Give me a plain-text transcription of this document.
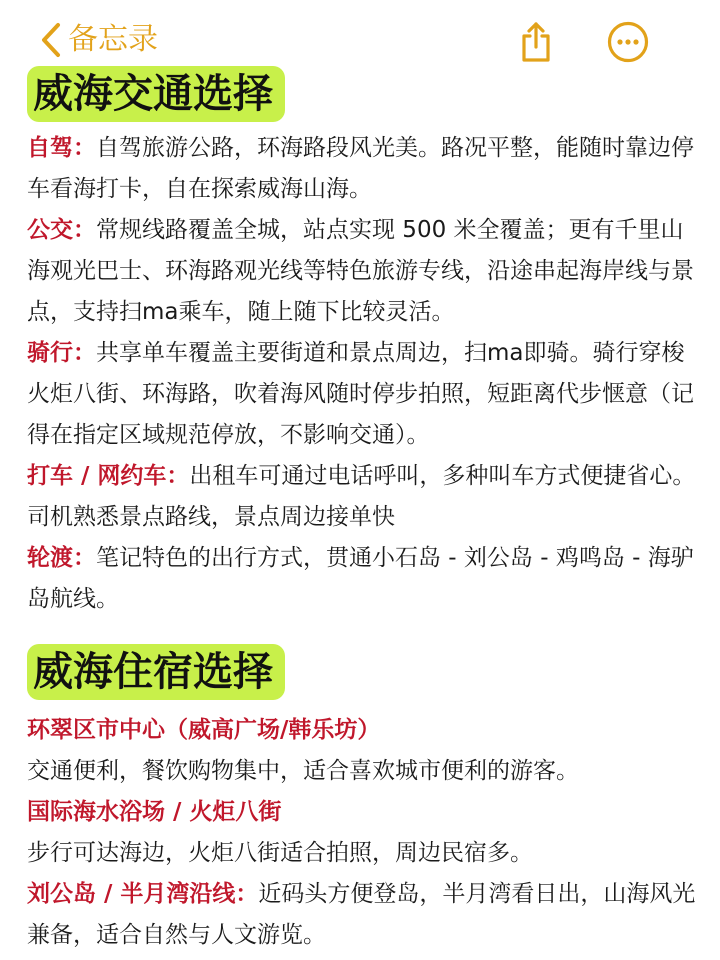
备忘录
威海交通选择

自驾：自驾旅游公路，环海路段风光美。路况平整，能随时靠边停车看海打卡，自在探索威海山海。

公交：常规线路覆盖全城，站点实现 500 米全覆盖；更有千里山海观光巴士、环海路观光线等特色旅游专线，沿途串起海岸线与景点，支持扫ma乘车，随上随下比较灵活。

骑行：共享单车覆盖主要街道和景点周边，扫ma即骑。骑行穿梭火炬八街、环海路，吹着海风随时停步拍照，短距离代步惬意（记得在指定区域规范停放，不影响交通）。

打车 / 网约车：出租车可通过电话呼叫，多种叫车方式便捷省心。司机熟悉景点路线，景点周边接单快

轮渡：笔记特色的出行方式，贯通小石岛 - 刘公岛 - 鸡鸣岛 - 海驴岛航线。

威海住宿选择

环翠区市中心（威高广场/韩乐坊）

交通便利，餐饮购物集中，适合喜欢城市便利的游客。

国际海水浴场 / 火炬八街

步行可达海边，火炬八街适合拍照，周边民宿多。

刘公岛 / 半月湾沿线：近码头方便登岛，半月湾看日出，山海风光兼备，适合自然与人文游览。
